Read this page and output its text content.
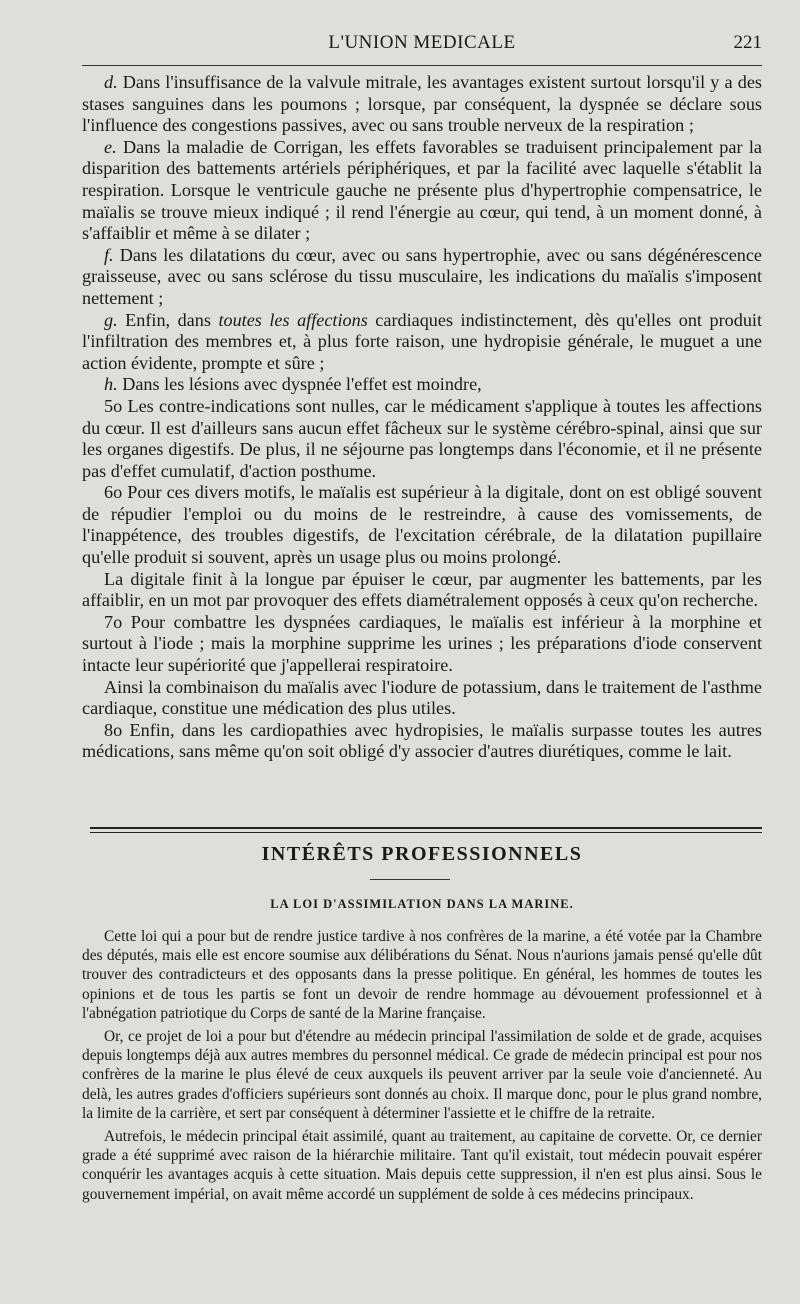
L'UNION MEDICALE	221

d. Dans l'insuffisance de la valvule mitrale, les avantages existent surtout lorsqu'il y a des stases sanguines dans les poumons ; lorsque, par conséquent, la dyspnée se déclare sous l'influence des congestions passives, avec ou sans trouble nerveux de la respiration ;

e. Dans la maladie de Corrigan, les effets favorables se traduisent principalement par la disparition des battements artériels périphériques, et par la facilité avec laquelle s'établit la respiration. Lorsque le ventricule gauche ne présente plus d'hypertrophie compensatrice, le maïalis se trouve mieux indiqué ; il rend l'énergie au cœur, qui tend, à un moment donné, à s'affaiblir et même à se dilater ;

f. Dans les dilatations du cœur, avec ou sans hypertrophie, avec ou sans dégénérescence graisseuse, avec ou sans sclérose du tissu musculaire, les indications du maïalis s'imposent nettement ;

g. Enfin, dans toutes les affections cardiaques indistinctement, dès qu'elles ont produit l'infiltration des membres et, à plus forte raison, une hydropisie générale, le muguet a une action évidente, prompte et sûre ;

h. Dans les lésions avec dyspnée l'effet est moindre,

5o Les contre-indications sont nulles, car le médicament s'applique à toutes les affections du cœur. Il est d'ailleurs sans aucun effet fâcheux sur le système cérébro-spinal, ainsi que sur les organes digestifs. De plus, il ne séjourne pas longtemps dans l'économie, et il ne présente pas d'effet cumulatif, d'action posthume.

6o Pour ces divers motifs, le maïalis est supérieur à la digitale, dont on est obligé souvent de répudier l'emploi ou du moins de le restreindre, à cause des vomissements, de l'inappétence, des troubles digestifs, de l'excitation cérébrale, de la dilatation pupillaire qu'elle produit si souvent, après un usage plus ou moins prolongé.

La digitale finit à la longue par épuiser le cœur, par augmenter les battements, par les affaiblir, en un mot par provoquer des effets diamétralement opposés à ceux qu'on recherche.

7o Pour combattre les dyspnées cardiaques, le maïalis est inférieur à la morphine et surtout à l'iode ; mais la morphine supprime les urines ; les préparations d'iode conservent intacte leur supériorité que j'appellerai respiratoire.

Ainsi la combinaison du maïalis avec l'iodure de potassium, dans le traitement de l'asthme cardiaque, constitue une médication des plus utiles.

8o Enfin, dans les cardiopathies avec hydropisies, le maïalis surpasse toutes les autres médications, sans même qu'on soit obligé d'y associer d'autres diurétiques, comme le lait.

INTÉRÊTS PROFESSIONNELS
LA LOI D'ASSIMILATION DANS LA MARINE.

Cette loi qui a pour but de rendre justice tardive à nos confrères de la marine, a été votée par la Chambre des députés, mais elle est encore soumise aux délibérations du Sénat. Nous n'aurions jamais pensé qu'elle dût trouver des contradicteurs et des opposants dans la presse politique. En général, les hommes de toutes les opinions et de tous les partis se font un devoir de rendre hommage au dévouement professionnel et à l'abnégation patriotique du Corps de santé de la Marine française.

Or, ce projet de loi a pour but d'étendre au médecin principal l'assimilation de solde et de grade, acquises depuis longtemps déjà aux autres membres du personnel médical. Ce grade de médecin principal est pour nos confrères de la marine le plus élevé de ceux auxquels ils peuvent arriver par la seule voie d'ancienneté. Au delà, les autres grades d'officiers supérieurs sont donnés au choix. Il marque donc, pour le plus grand nombre, la limite de la carrière, et sert par conséquent à déterminer l'assiette et le chiffre de la retraite.

Autrefois, le médecin principal était assimilé, quant au traitement, au capitaine de corvette. Or, ce dernier grade a été supprimé avec raison de la hiérarchie militaire. Tant qu'il existait, tout médecin pouvait espérer conquérir les avantages acquis à cette situation. Mais depuis cette suppression, il n'en est plus ainsi. Sous le gouvernement impérial, on avait même accordé un supplément de solde à ces médecins principaux.
